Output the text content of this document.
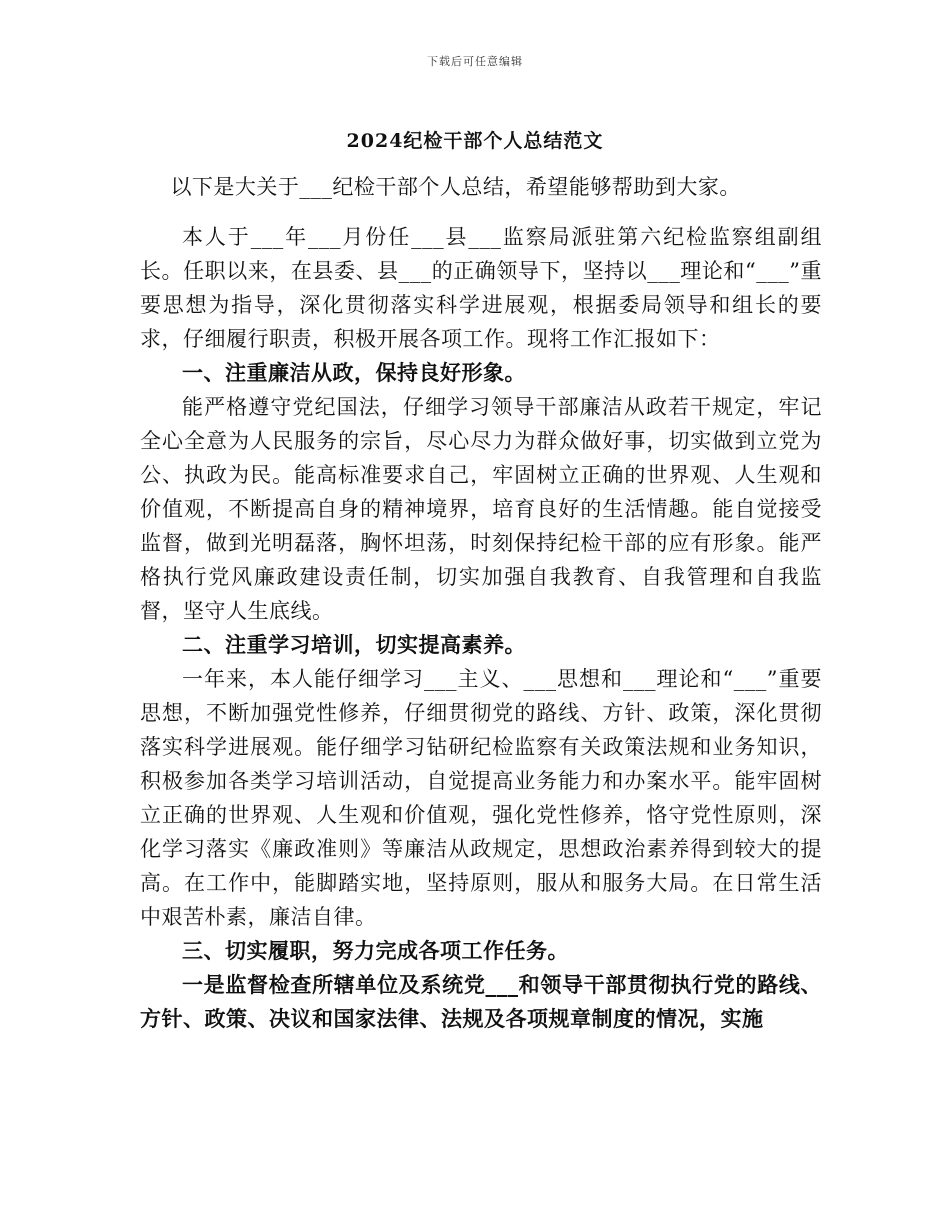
下载后可任意编辑
2024纪检干部个人总结范文

以下是大关于___纪检干部个人总结，希望能够帮助到大家。

本人于___年___月份任___县___监察局派驻第六纪检监察组副组长。任职以来，在县委、县___的正确领导下，坚持以___理论和“___”重要思想为指导，深化贯彻落实科学进展观，根据委局领导和组长的要求，仔细履行职责，积极开展各项工作。现将工作汇报如下：

一、注重廉洁从政，保持良好形象。

能严格遵守党纪国法，仔细学习领导干部廉洁从政若干规定，牢记全心全意为人民服务的宗旨，尽心尽力为群众做好事，切实做到立党为公、执政为民。能高标准要求自己，牢固树立正确的世界观、人生观和价值观，不断提高自身的精神境界，培育良好的生活情趣。能自觉接受监督，做到光明磊落，胸怀坦荡，时刻保持纪检干部的应有形象。能严格执行党风廉政建设责任制，切实加强自我教育、自我管理和自我监督，坚守人生底线。

二、注重学习培训，切实提高素养。

一年来，本人能仔细学习___主义、___思想和___理论和“___”重要思想，不断加强党性修养，仔细贯彻党的路线、方针、政策，深化贯彻落实科学进展观。能仔细学习钻研纪检监察有关政策法规和业务知识，积极参加各类学习培训活动，自觉提高业务能力和办案水平。能牢固树立正确的世界观、人生观和价值观，强化党性修养，恪守党性原则，深化学习落实《廉政准则》等廉洁从政规定，思想政治素养得到较大的提高。在工作中，能脚踏实地，坚持原则，服从和服务大局。在日常生活中艰苦朴素，廉洁自律。

三、切实履职，努力完成各项工作任务。

一是监督检查所辖单位及系统党___和领导干部贯彻执行党的路线、方针、政策、决议和国家法律、法规及各项规章制度的情况，实施
